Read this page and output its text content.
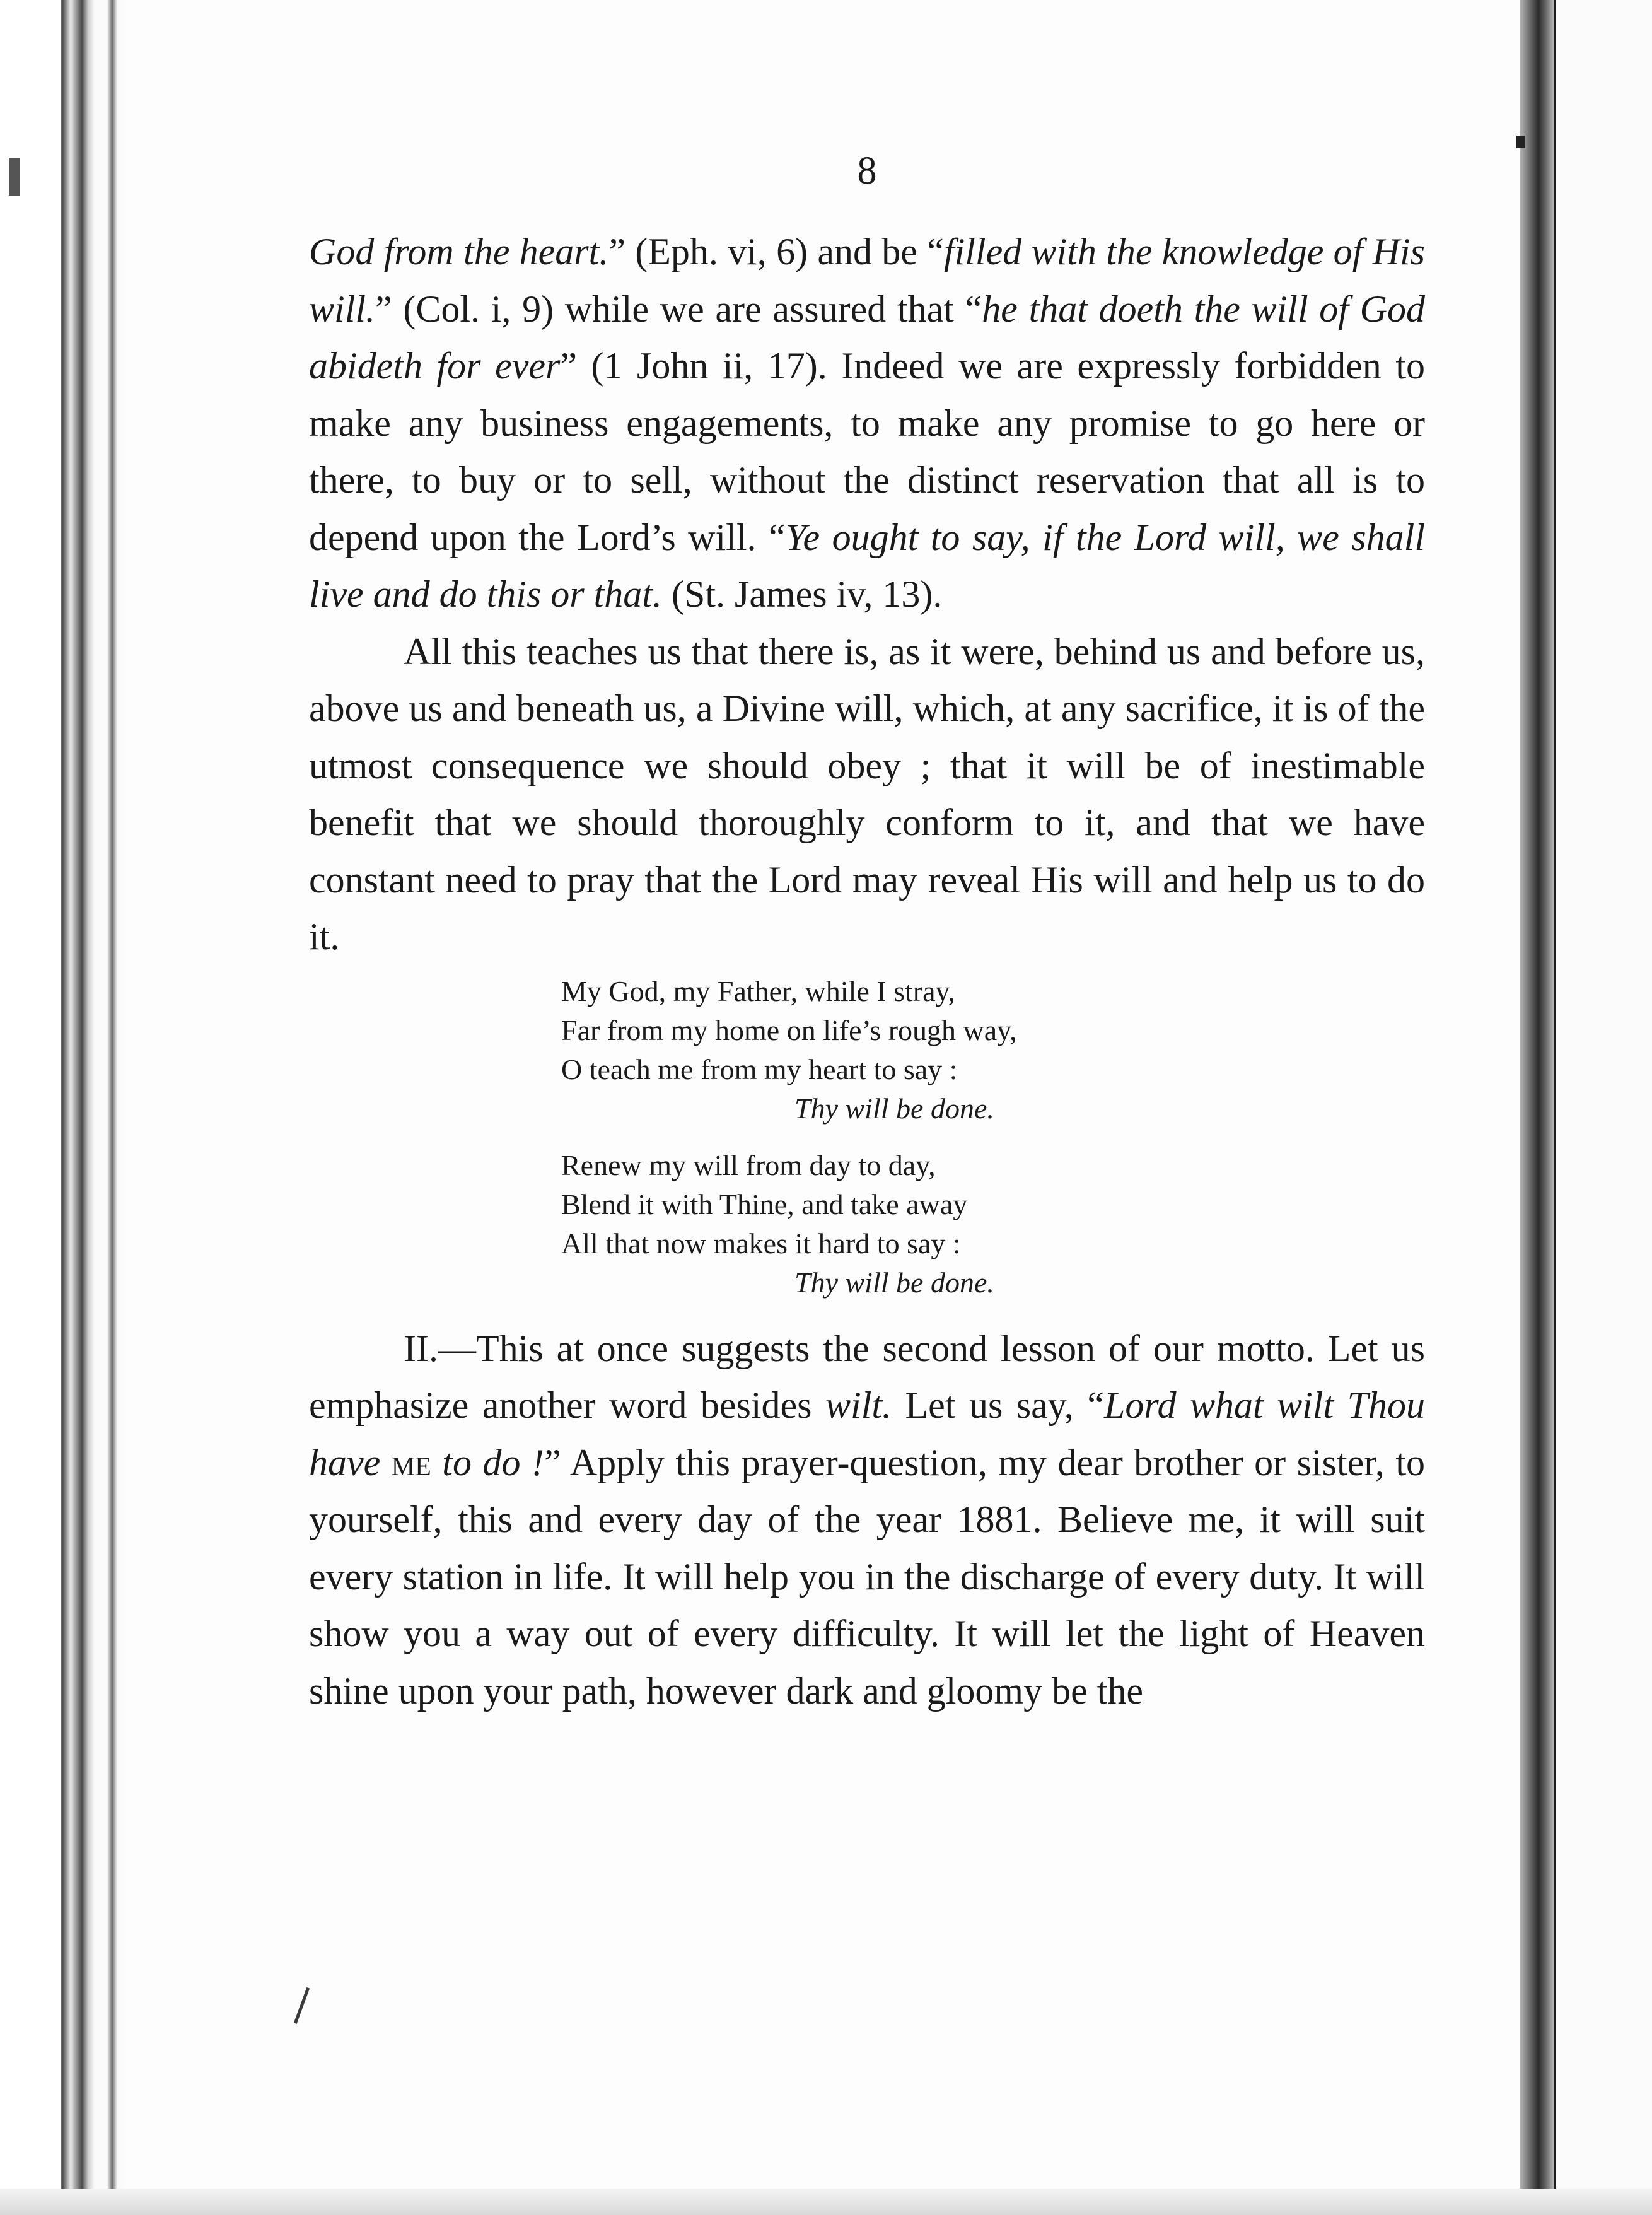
8

God from the heart.” (Eph. vi, 6) and be “filled with the knowledge of His will.” (Col. i, 9) while we are assured that “he that doeth the will of God abideth for ever” (1 John ii, 17). Indeed we are expressly forbidden to make any business engagements, to make any promise to go here or there, to buy or to sell, without the distinct reservation that all is to depend upon the Lord’s will. “Ye ought to say, if the Lord will, we shall live and do this or that. (St. James iv, 13).

All this teaches us that there is, as it were, behind us and before us, above us and beneath us, a Divine will, which, at any sacrifice, it is of the utmost consequence we should obey ; that it will be of inestimable benefit that we should thoroughly conform to it, and that we have constant need to pray that the Lord may reveal His will and help us to do it.

My God, my Father, while I stray,
Far from my home on life’s rough way,
O teach me from my heart to say :
Thy will be done.
Renew my will from day to day,
Blend it with Thine, and take away
All that now makes it hard to say :
Thy will be done.

II.—This at once suggests the second lesson of our motto. Let us emphasize another word besides wilt. Let us say, “Lord what wilt Thou have me to do !” Apply this prayer-question, my dear brother or sister, to yourself, this and every day of the year 1881. Believe me, it will suit every station in life. It will help you in the discharge of every duty. It will show you a way out of every difficulty. It will let the light of Heaven shine upon your path, however dark and gloomy be the
